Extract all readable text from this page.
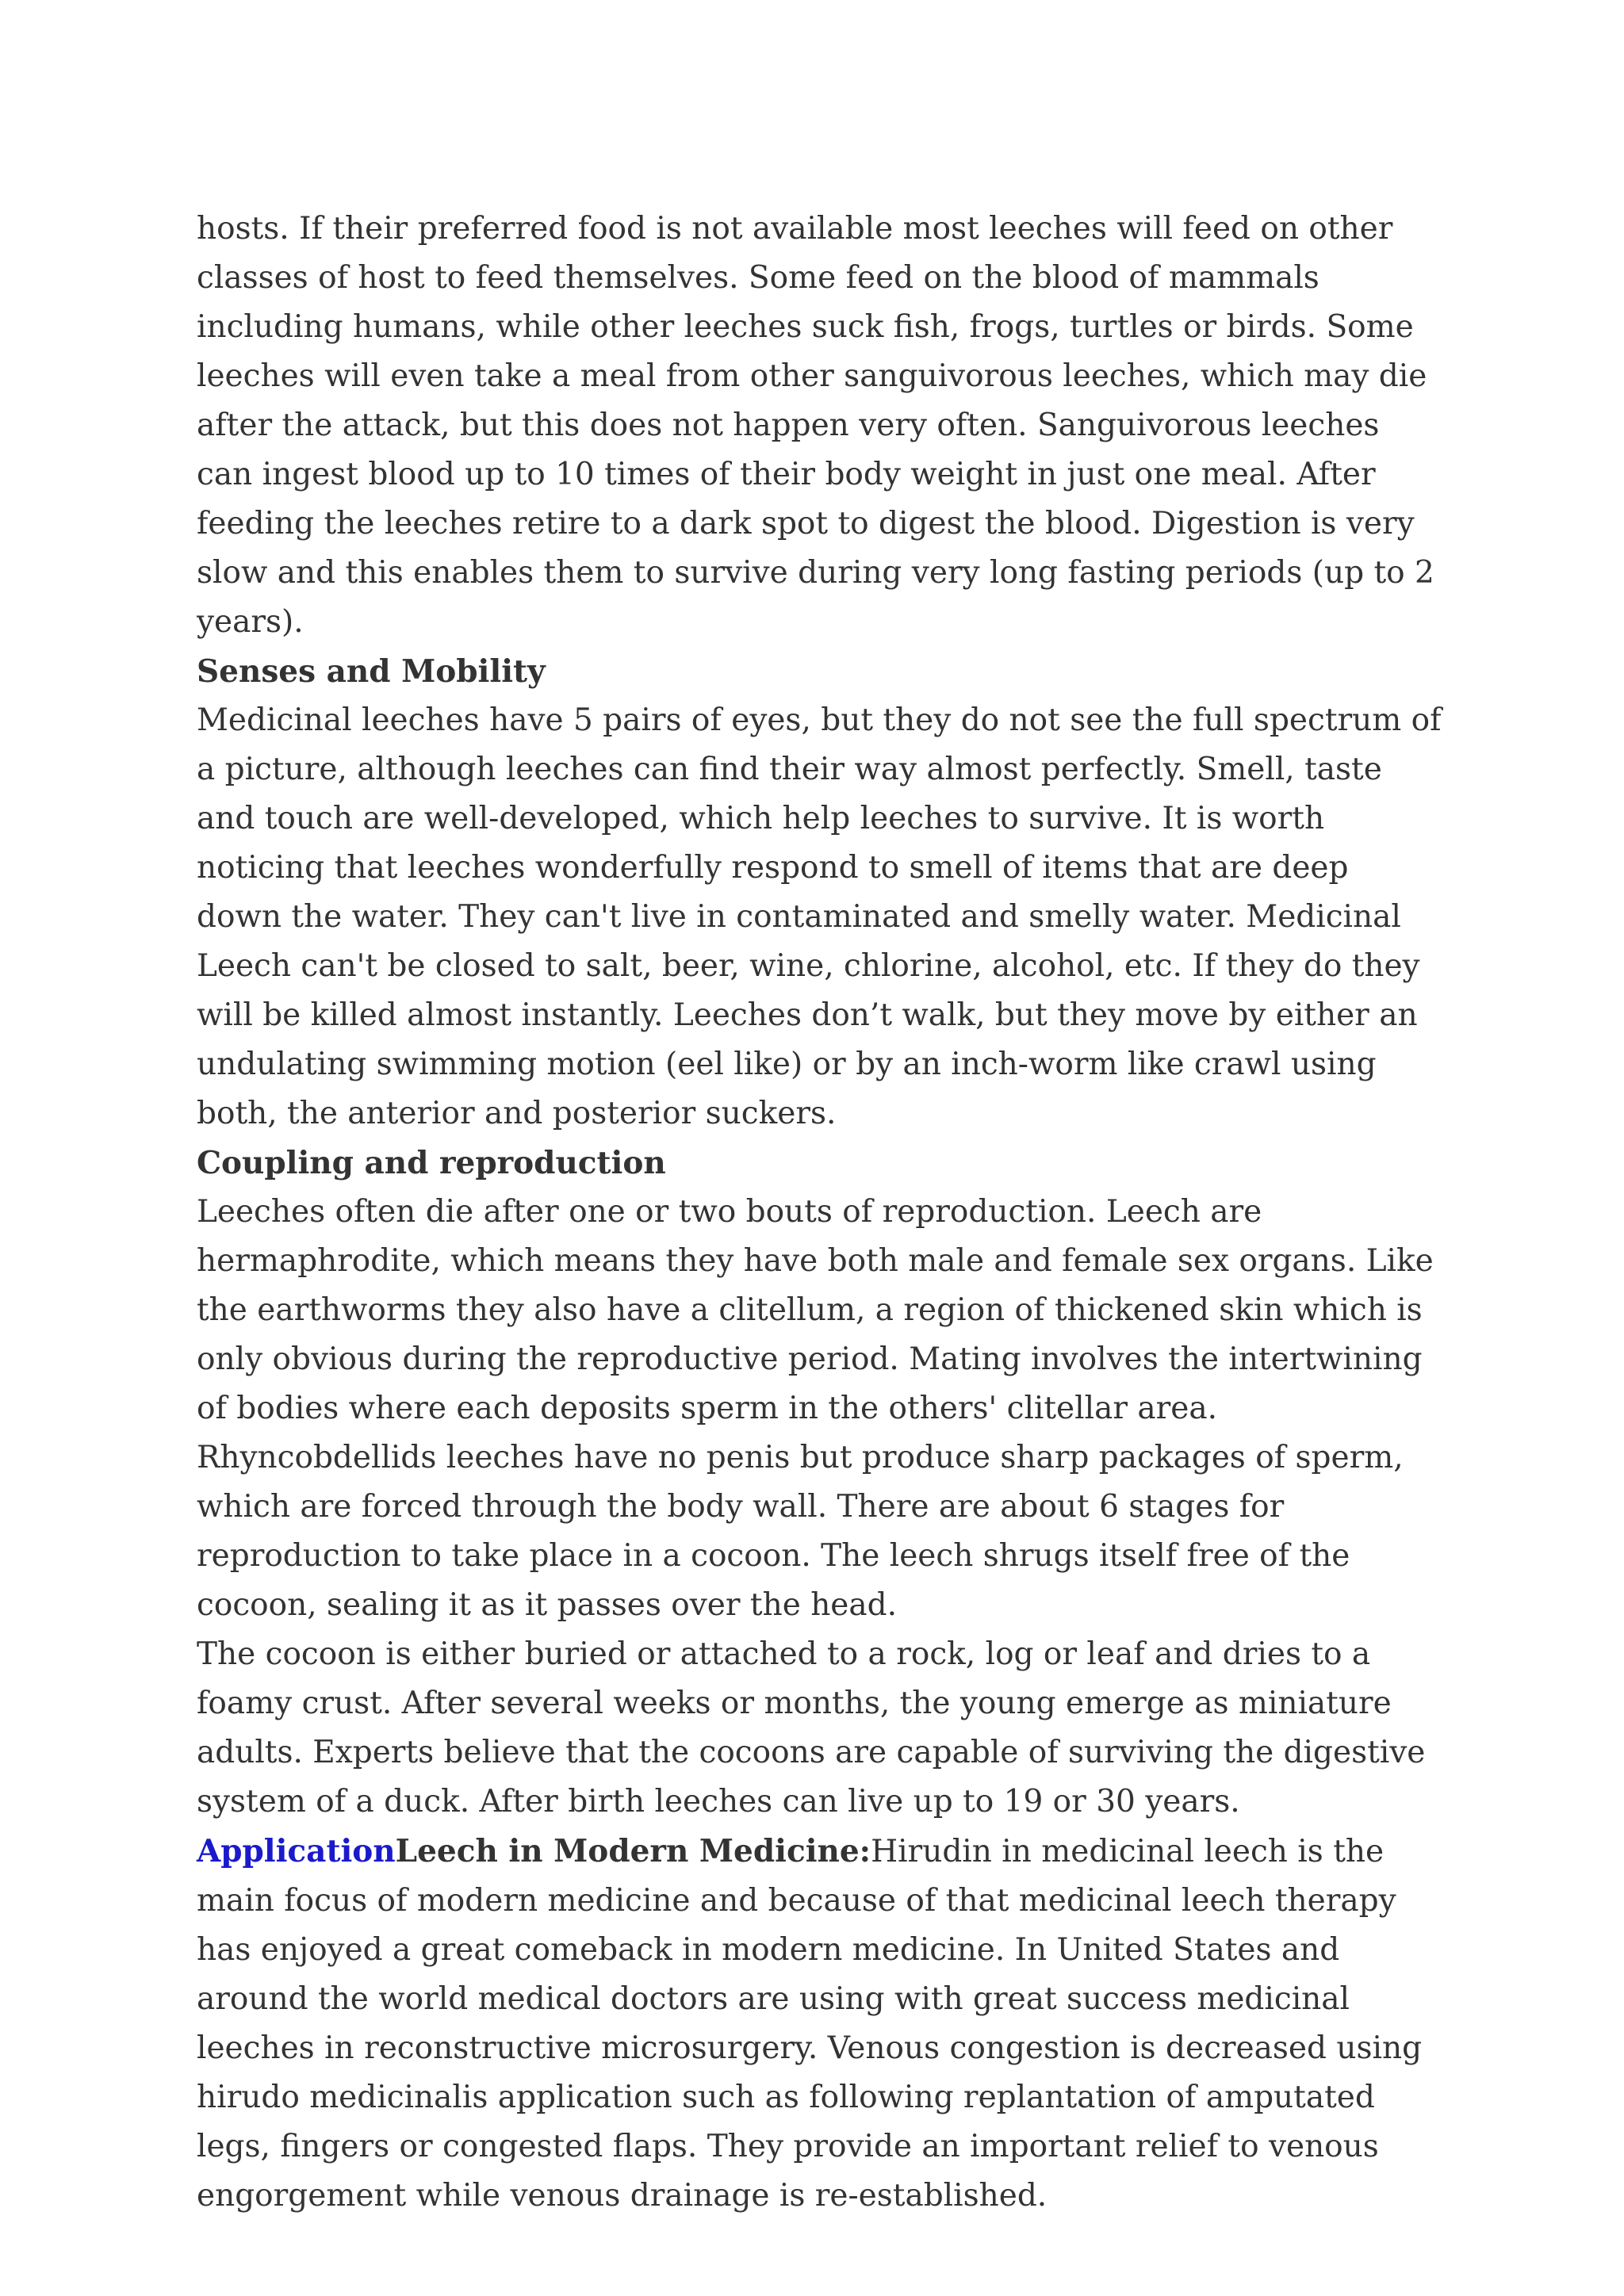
hosts. If their preferred food is not available most leeches will feed on other classes of host to feed themselves. Some feed on the blood of mammals including humans, while other leeches suck fish, frogs, turtles or birds. Some leeches will even take a meal from other sanguivorous leeches, which may die after the attack, but this does not happen very often. Sanguivorous leeches can ingest blood up to 10 times of their body weight in just one meal. After feeding the leeches retire to a dark spot to digest the blood. Digestion is very slow and this enables them to survive during very long fasting periods (up to 2 years).

Senses and Mobility

Medicinal leeches have 5 pairs of eyes, but they do not see the full spectrum of a picture, although leeches can find their way almost perfectly. Smell, taste and touch are well-developed, which help leeches to survive. It is worth noticing that leeches wonderfully respond to smell of items that are deep down the water. They can't live in contaminated and smelly water. Medicinal Leech can't be closed to salt, beer, wine, chlorine, alcohol, etc. If they do they will be killed almost instantly. Leeches don’t walk, but they move by either an undulating swimming motion (eel like) or by an inch-worm like crawl using both, the anterior and posterior suckers.

Coupling and reproduction

Leeches often die after one or two bouts of reproduction. Leech are hermaphrodite, which means they have both male and female sex organs. Like the earthworms they also have a clitellum, a region of thickened skin which is only obvious during the reproductive period. Mating involves the intertwining of bodies where each deposits sperm in the others' clitellar area. Rhyncobdellids leeches have no penis but produce sharp packages of sperm, which are forced through the body wall. There are about 6 stages for reproduction to take place in a cocoon. The leech shrugs itself free of the cocoon, sealing it as it passes over the head.

The cocoon is either buried or attached to a rock, log or leaf and dries to a foamy crust. After several weeks or months, the young emerge as miniature adults. Experts believe that the cocoons are capable of surviving the digestive system of a duck. After birth leeches can live up to 19 or 30 years.

ApplicationLeech in Modern Medicine:Hirudin in medicinal leech is the main focus of modern medicine and because of that medicinal leech therapy has enjoyed a great comeback in modern medicine. In United States and around the world medical doctors are using with great success medicinal leeches in reconstructive microsurgery. Venous congestion is decreased using hirudo medicinalis application such as following replantation of amputated legs, fingers or congested flaps. They provide an important relief to venous engorgement while venous drainage is re-established.
